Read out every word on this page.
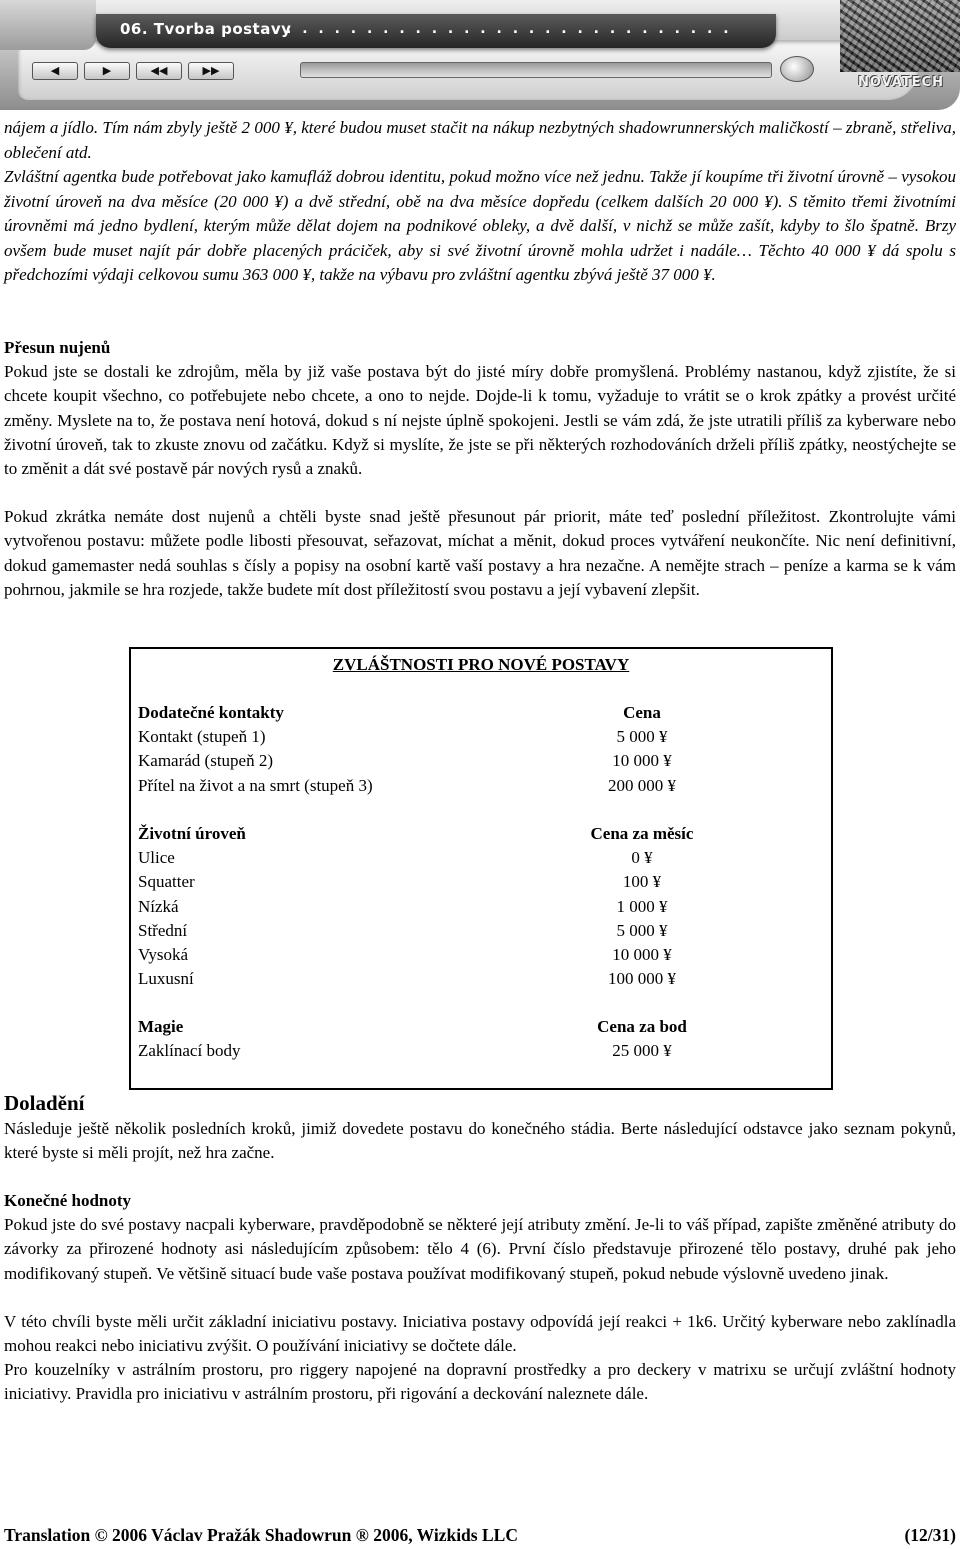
06. Tvorba postavy
. . . . . . . . . . . . . . . . . . . . . . . . . . . .
◀	▶	◀◀	▶▶
NOVATECH

nájem a jídlo. Tím nám zbyly ještě 2 000 ¥, které budou muset stačit na nákup nezbytných shadowrunnerských maličkostí – zbraně, střeliva, oblečení atd.

Zvláštní agentka bude potřebovat jako kamufláž dobrou identitu, pokud možno více než jednu. Takže jí koupíme tři životní úrovně – vysokou životní úroveň na dva měsíce (20 000 ¥) a dvě střední, obě na dva měsíce dopředu (celkem dalších 20 000 ¥). S těmito třemi životními úrovněmi má jedno bydlení, kterým může dělat dojem na podnikové obleky, a dvě další, v nichž se může zašít, kdyby to šlo špatně. Brzy ovšem bude muset najít pár dobře placených práciček, aby si své životní úrovně mohla udržet i nadále… Těchto 40 000 ¥ dá spolu s předchozími výdaji celkovou sumu 363 000 ¥, takže na výbavu pro zvláštní agentku zbývá ještě 37 000 ¥.

Přesun nujenů

Pokud jste se dostali ke zdrojům, měla by již vaše postava být do jisté míry dobře promyšlená. Problémy nastanou, když zjistíte, že si chcete koupit všechno, co potřebujete nebo chcete, a ono to nejde. Dojde-li k tomu, vyžaduje to vrátit se o krok zpátky a provést určité změny. Myslete na to, že postava není hotová, dokud s ní nejste úplně spokojeni. Jestli se vám zdá, že jste utratili příliš za kyberware nebo životní úroveň, tak to zkuste znovu od začátku. Když si myslíte, že jste se při některých rozhodováních drželi příliš zpátky, neostýchejte se to změnit a dát své postavě pár nových rysů a znaků.

Pokud zkrátka nemáte dost nujenů a chtěli byste snad ještě přesunout pár priorit, máte teď poslední příležitost. Zkontrolujte vámi vytvořenou postavu: můžete podle libosti přesouvat, seřazovat, míchat a měnit, dokud proces vytváření neukončíte. Nic není definitivní, dokud gamemaster nedá souhlas s čísly a popisy na osobní kartě vaší postavy a hra nezačne. A nemějte strach – peníze a karma se k vám pohrnou, jakmile se hra rozjede, takže budete mít dost příležitostí svou postavu a její vybavení zlepšit.

ZVLÁŠTNOSTI PRO NOVÉ POSTAVY
Dodatečné kontakty	Cena
Kontakt (stupeň 1)	5 000 ¥
Kamarád (stupeň 2)	10 000 ¥
Přítel na život a na smrt (stupeň 3)	200 000 ¥
Životní úroveň	Cena za měsíc
Ulice	0 ¥
Squatter	100 ¥
Nízká	1 000 ¥
Střední	5 000 ¥
Vysoká	10 000 ¥
Luxusní	100 000 ¥
Magie	Cena za bod
Zaklínací body	25 000 ¥
Doladění

Následuje ještě několik posledních kroků, jimiž dovedete postavu do konečného stádia. Berte následující odstavce jako seznam pokynů, které byste si měli projít, než hra začne.

Konečné hodnoty

Pokud jste do své postavy nacpali kyberware, pravděpodobně se některé její atributy změní. Je-li to váš případ, zapište změněné atributy do závorky za přirozené hodnoty asi následujícím způsobem: tělo 4 (6). První číslo představuje přirozené tělo postavy, druhé pak jeho modifikovaný stupeň. Ve většině situací bude vaše postava používat modifikovaný stupeň, pokud nebude výslovně uvedeno jinak.

V této chvíli byste měli určit základní iniciativu postavy. Iniciativa postavy odpovídá její reakci + 1k6. Určitý kyberware nebo zaklínadla mohou reakci nebo iniciativu zvýšit. O používání iniciativy se dočtete dále.

Pro kouzelníky v astrálním prostoru, pro riggery napojené na dopravní prostředky a pro deckery v matrixu se určují zvláštní hodnoty iniciativy. Pravidla pro iniciativu v astrálním prostoru, při rigování a deckování naleznete dále.

Translation © 2006 Václav Pražák Shadowrun ® 2006, Wizkids LLC	(12/31)
